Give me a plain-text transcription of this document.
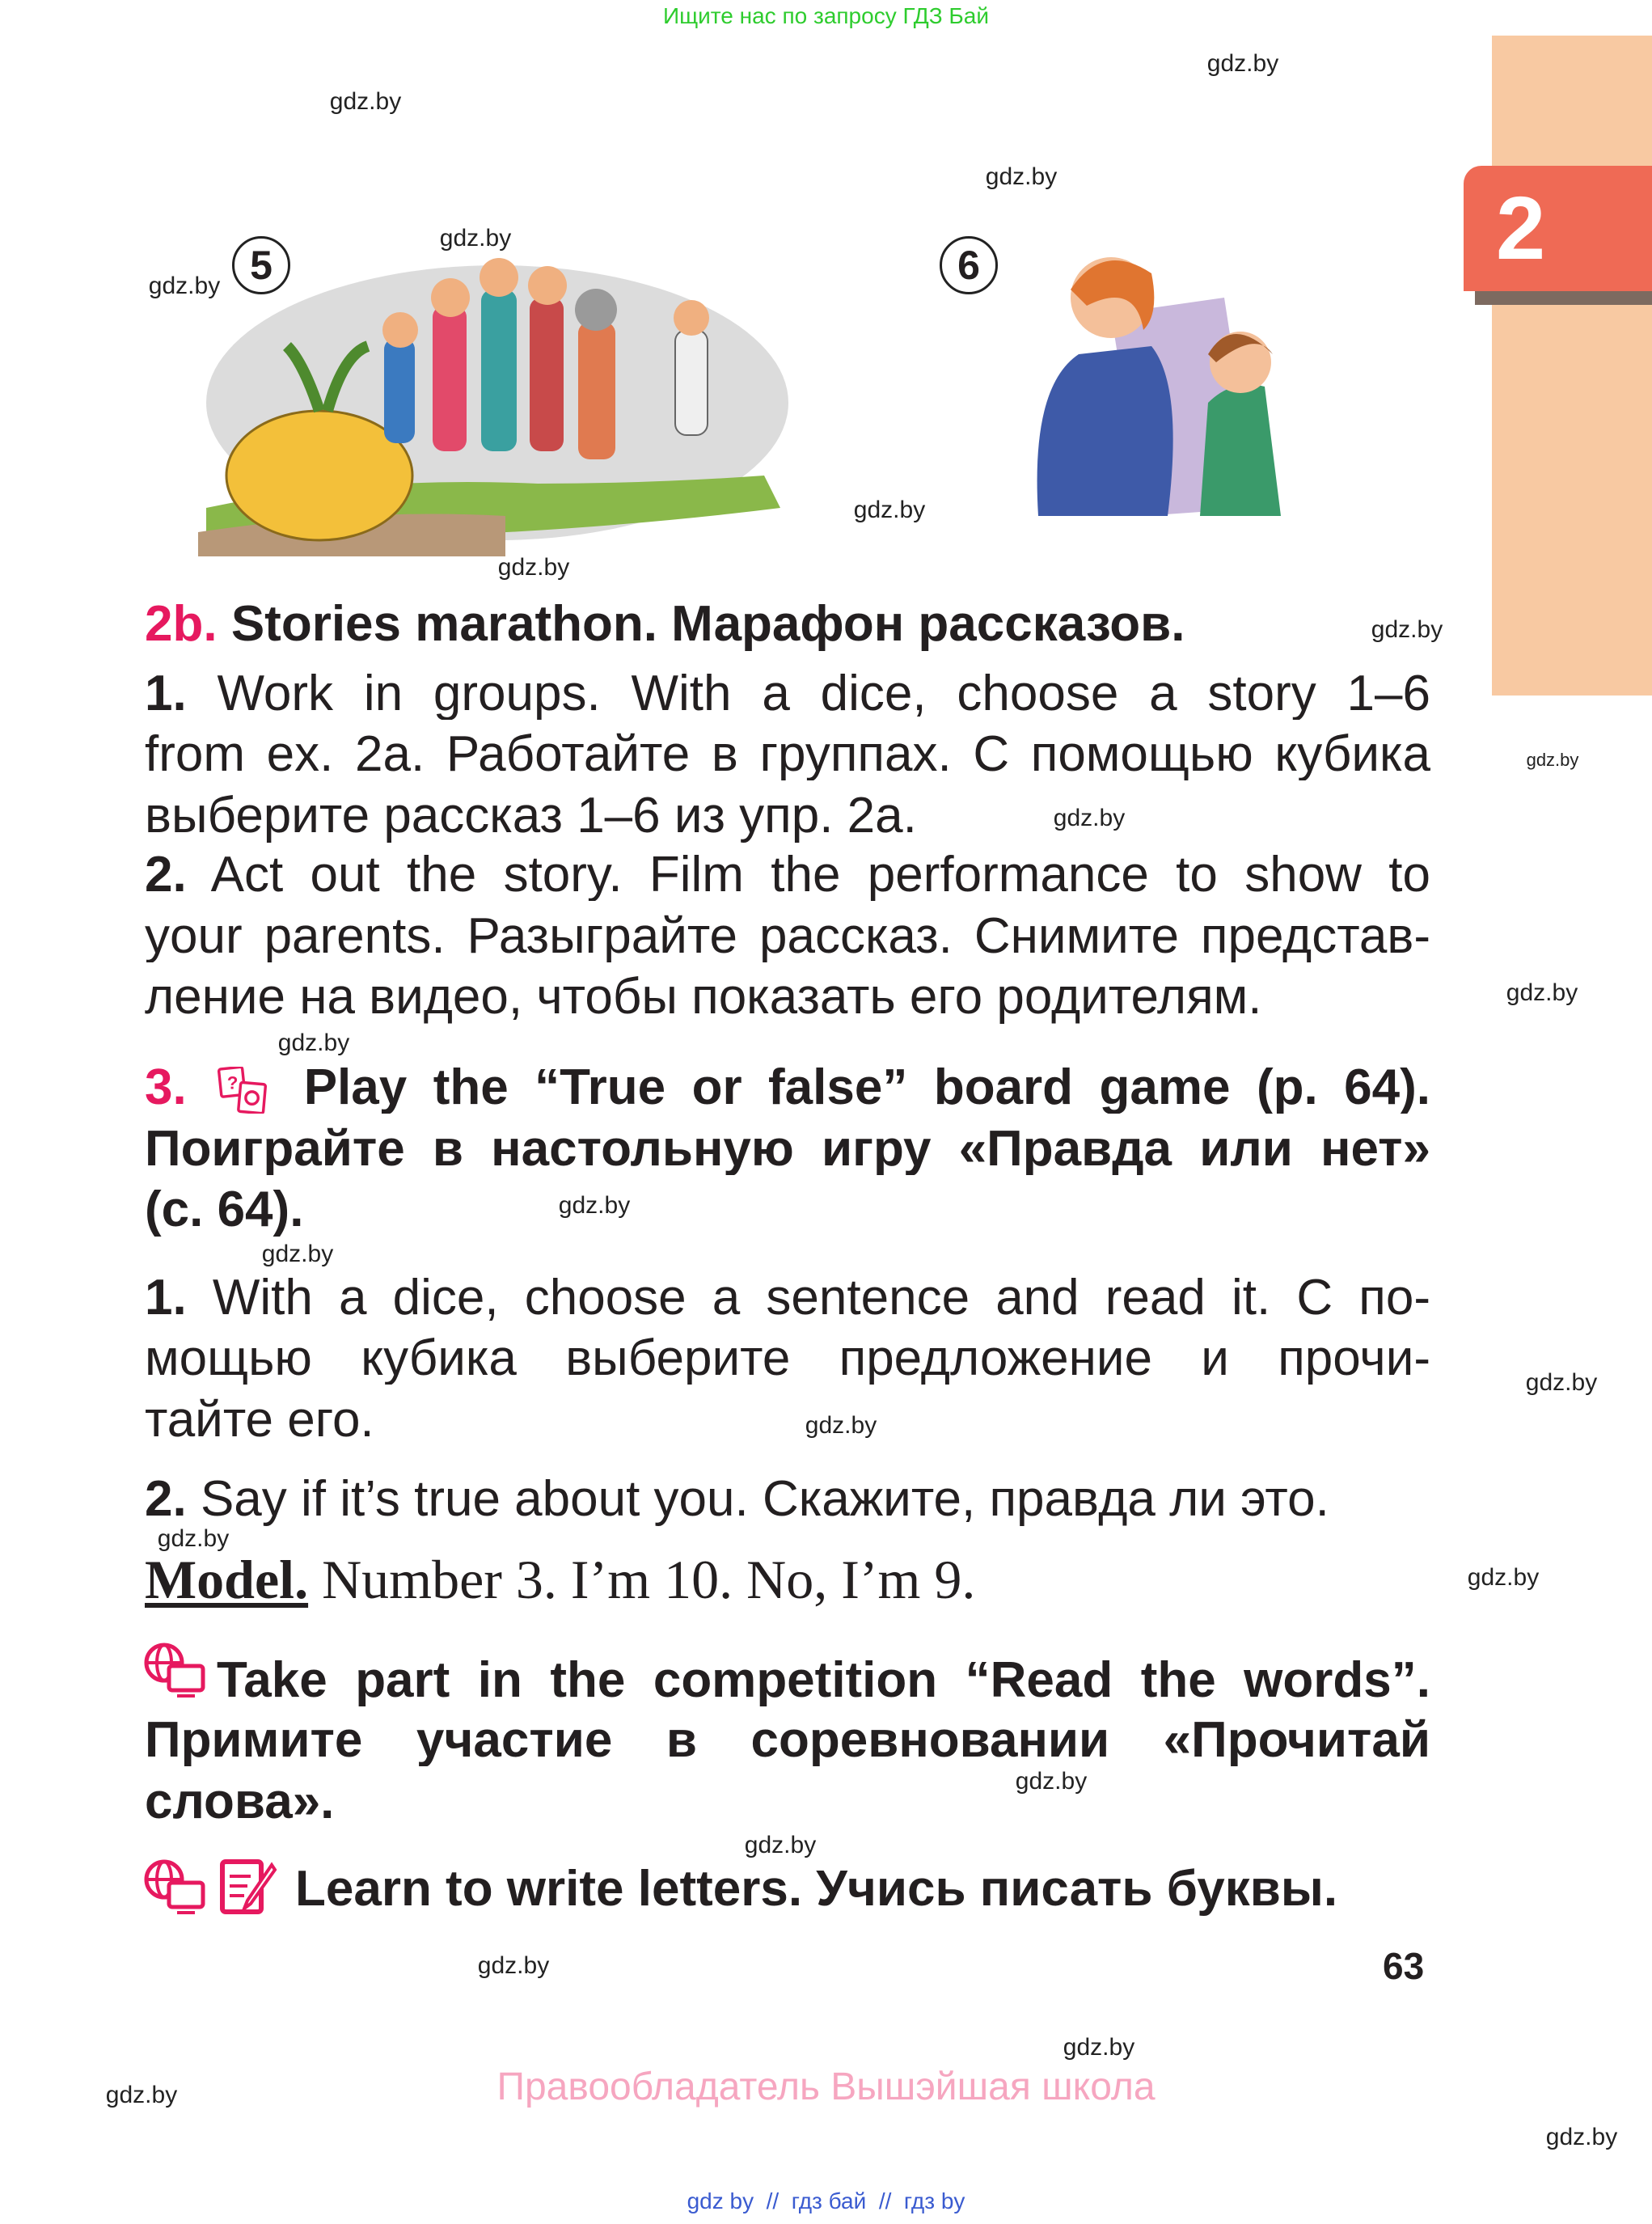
Ищите нас по запросу ГДЗ Бай
2
5	6
2b. Stories marathon. Марафон рассказов.
1. Work in groups. With a dice, choose a story 1–6
from ex. 2a. Работайте в группах. С помощью кубика
выберите рассказ 1–6 из упр. 2а.
2. Act out the story. Film the performance to show to
your parents. Разыграйте рассказ. Снимите представ-
ление на видео, чтобы показать его родителям.
3. ? Play the “True or false” board game (p. 64).
Поиграйте в настольную игру «Правда или нет»
(с. 64).
1. With a dice, choose a sentence and read it. С по-
мощью кубика выберите предложение и прочи-
тайте его.
2. Say if it’s true about you. Скажите, правда ли это.
Model. Number 3. I’m 10. No, I’m 9.
Take part in the competition “Read the words”.
Примите участие в соревновании «Прочитай
слова».
Learn to write letters. Учись писать буквы.
63
Правообладатель Вышэйшая школа
gdz by  //  гдз бай  //  гдз by
gdz.by
gdz.by
gdz.by
gdz.by
gdz.by
gdz.by
gdz.by
gdz.by
gdz.by
gdz.by
gdz.by
gdz.by
gdz.by
gdz.by
gdz.by
gdz.by
gdz.by
gdz.by
gdz.by
gdz.by
gdz.by
gdz.by
gdz.by
gdz.by
